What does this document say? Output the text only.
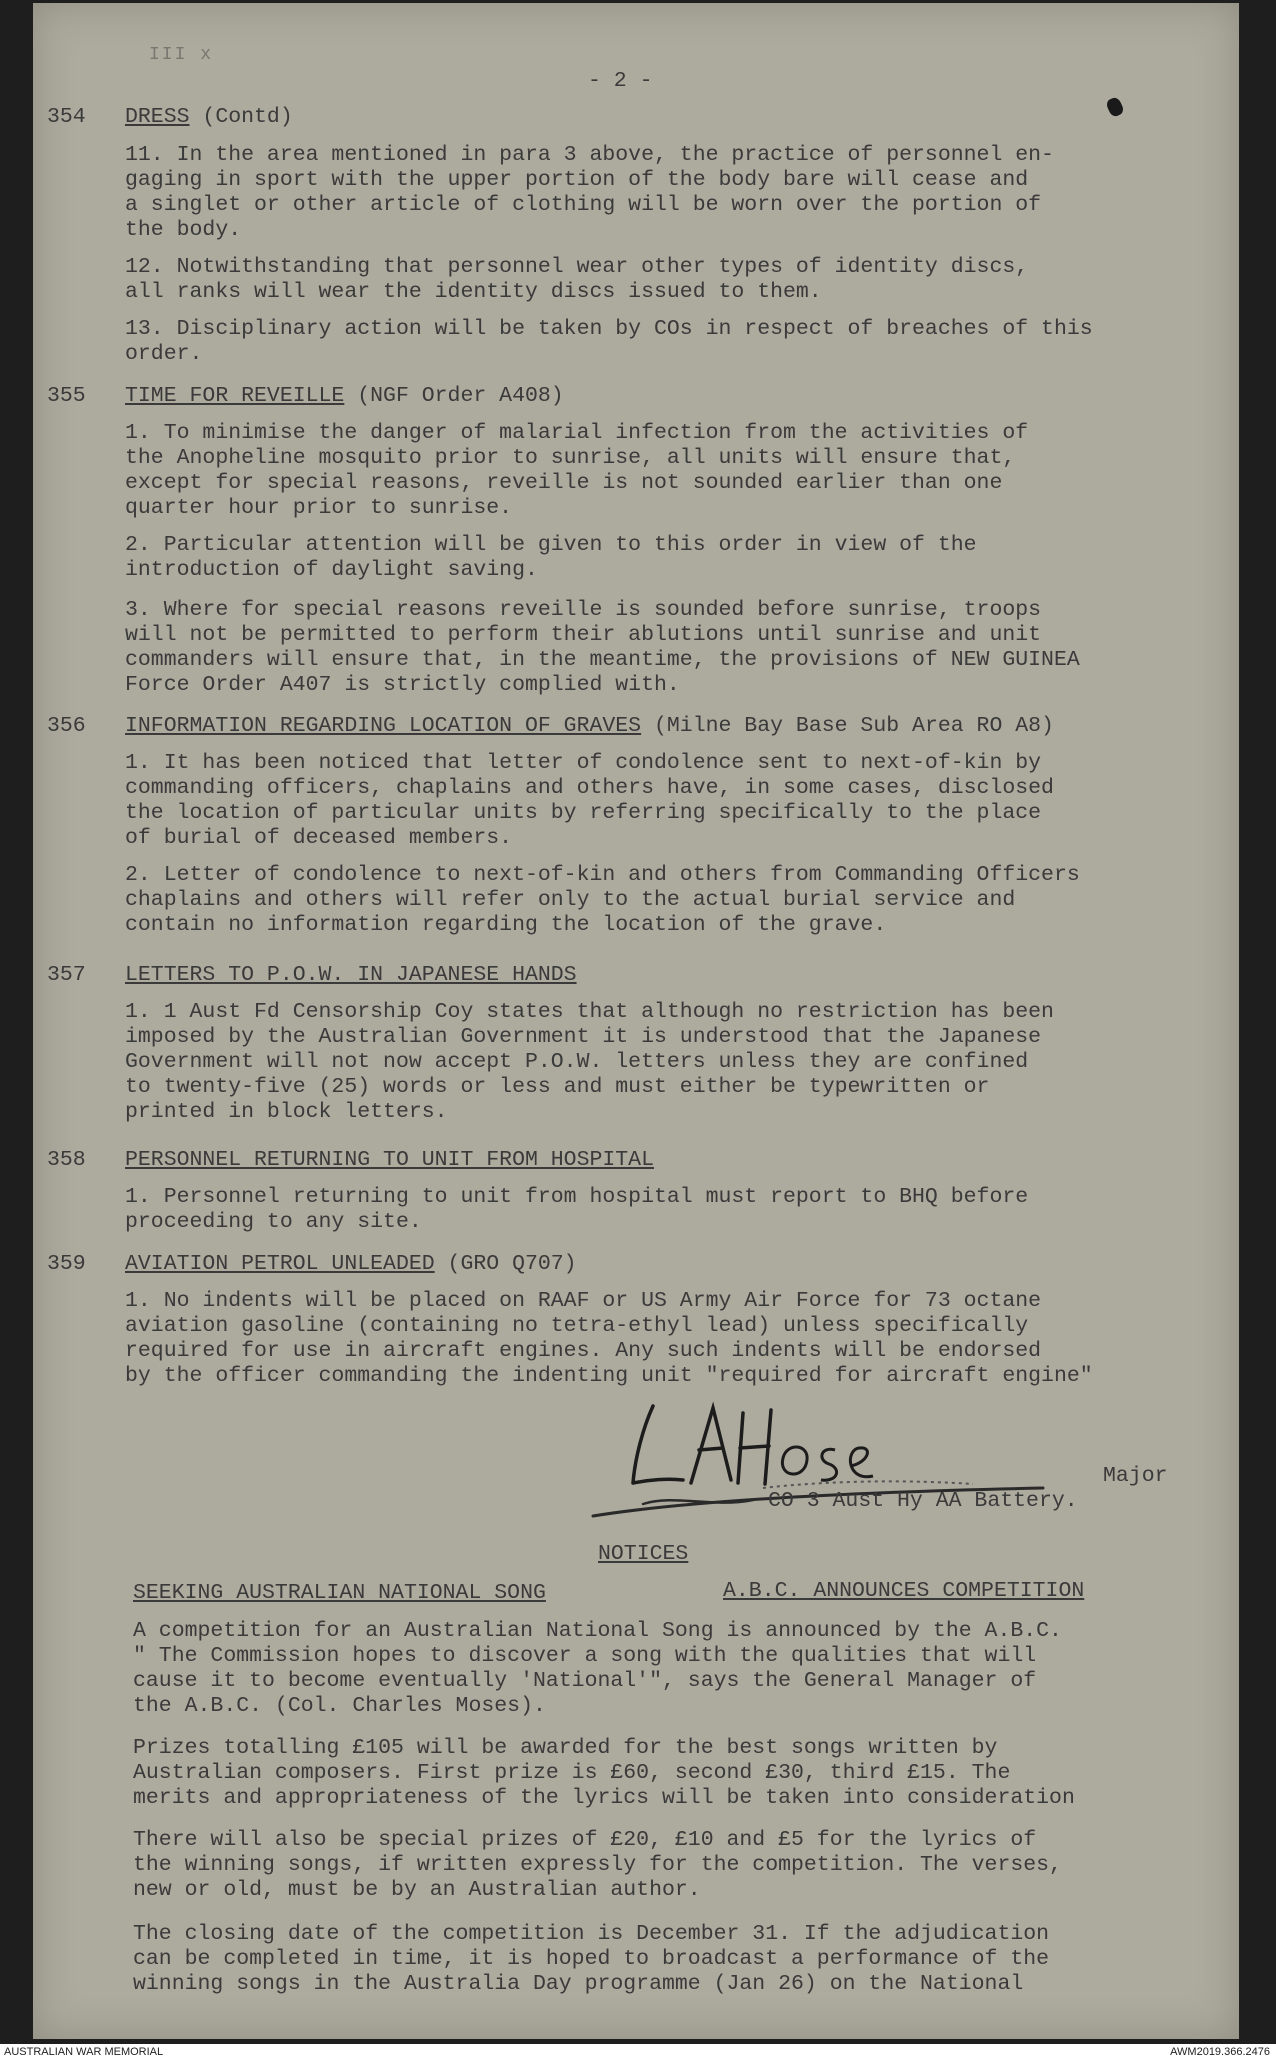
III x
- 2 -
354	DRESS (Contd)
11. In the area mentioned in para 3 above, the practice of personnel en-
gaging in sport with the upper portion of the body bare will cease and
a singlet or other article of clothing will be worn over the portion of
the body.
12. Notwithstanding that personnel wear other types of identity discs,
all ranks will wear the identity discs issued to them.
13. Disciplinary action will be taken by COs in respect of breaches of this
order.
355	TIME FOR REVEILLE (NGF Order A408)
1. To minimise the danger of malarial infection from the activities of
the Anopheline mosquito prior to sunrise, all units will ensure that,
except for special reasons, reveille is not sounded earlier than one
quarter hour prior to sunrise.
2. Particular attention will be given to this order in view of the
introduction of daylight saving.
3. Where for special reasons reveille is sounded before sunrise, troops
will not be permitted to perform their ablutions until sunrise and unit
commanders will ensure that, in the meantime, the provisions of NEW GUINEA
Force Order A407 is strictly complied with.
356	INFORMATION REGARDING LOCATION OF GRAVES (Milne Bay Base Sub Area RO A8)
1. It has been noticed that letter of condolence sent to next-of-kin by
commanding officers, chaplains and others have, in some cases, disclosed
the location of particular units by referring specifically to the place
of burial of deceased members.
2. Letter of condolence to next-of-kin and others from Commanding Officers
chaplains and others will refer only to the actual burial service and
contain no information regarding the location of the grave.
357	LETTERS TO P.O.W. IN JAPANESE HANDS
1. 1 Aust Fd Censorship Coy states that although no restriction has been
imposed by the Australian Government it is understood that the Japanese
Government will not now accept P.O.W. letters unless they are confined
to twenty-five (25) words or less and must either be typewritten or
printed in block letters.
358	PERSONNEL RETURNING TO UNIT FROM HOSPITAL
1. Personnel returning to unit from hospital must report to BHQ before
proceeding to any site.
359	AVIATION PETROL UNLEADED (GRO Q707)
1. No indents will be placed on RAAF or US Army Air Force for 73 octane
aviation gasoline (containing no tetra-ethyl lead) unless specifically
required for use in aircraft engines. Any such indents will be endorsed
by the officer commanding the indenting unit "required for aircraft engine"
Major
CO 3 Aust Hy AA Battery.
NOTICES
SEEKING AUSTRALIAN NATIONAL SONG	A.B.C. ANNOUNCES COMPETITION
A competition for an Australian National Song is announced by the A.B.C.
" The Commission hopes to discover a song with the qualities that will
cause it to become eventually 'National'", says the General Manager of
the A.B.C. (Col. Charles Moses).
Prizes totalling £105 will be awarded for the best songs written by
Australian composers. First prize is £60, second £30, third £15. The
merits and appropriateness of the lyrics will be taken into consideration
There will also be special prizes of £20, £10 and £5 for the lyrics of
the winning songs, if written expressly for the competition. The verses,
new or old, must be by an Australian author.
The closing date of the competition is December 31. If the adjudication
can be completed in time, it is hoped to broadcast a performance of the
winning songs in the Australia Day programme (Jan 26) on the National
AUSTRALIAN WAR MEMORIAL	AWM2019.366.2476
